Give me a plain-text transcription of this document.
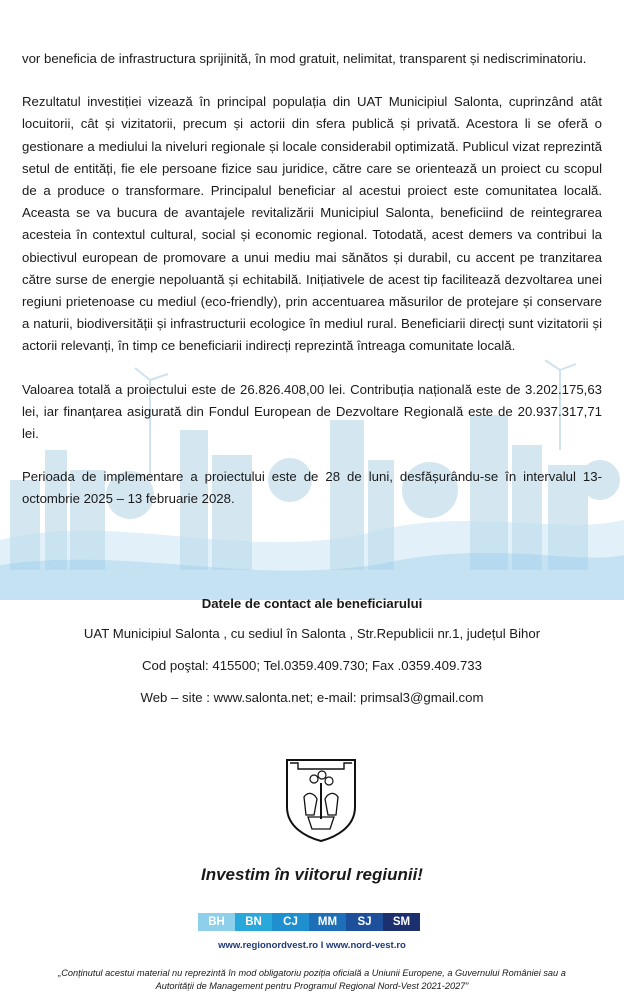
vor beneficia de infrastructura sprijinită, în mod gratuit, nelimitat, transparent și nediscriminatoriu.

Rezultatul investiției vizează în principal populația din UAT Municipiul Salonta, cuprinzând atât locuitorii, cât și vizitatorii, precum și actorii din sfera publică și privată. Acestora li se oferă o gestionare a mediului la niveluri regionale și locale considerabil optimizată. Publicul vizat reprezintă setul de entități, fie ele persoane fizice sau juridice, către care se orientează un proiect cu scopul de a produce o transformare. Principalul beneficiar al acestui proiect este comunitatea locală. Aceasta se va bucura de avantajele revitalizării Municipiul Salonta, beneficiind de reintegrarea acesteia în contextul cultural, social și economic regional. Totodată, acest demers va contribui la obiectivul european de promovare a unui mediu mai sănătos și durabil, cu accent pe tranzitarea către surse de energie nepoluantă și echitabilă. Inițiativele de acest tip facilitează dezvoltarea unei regiuni prietenoase cu mediul (eco-friendly), prin accentuarea măsurilor de protejare și conservare a naturii, biodiversității și infrastructurii ecologice în mediul rural. Beneficiarii direcți sunt vizitatorii și actorii relevanți, în timp ce beneficiarii indirecți reprezintă întreaga comunitate locală.

Valoarea totală a proiectului este de 26.826.408,00 lei. Contribuția națională este de 3.202.175,63 lei, iar finanțarea asigurată din Fondul European de Dezvoltare Regională este de 20.937.317,71 lei.

Perioada de implementare a proiectului este de 28 de luni, desfășurându-se în intervalul 13-octombrie 2025 – 13 februarie 2028.

Datele de contact ale beneficiarului
UAT Municipiul Salonta , cu sediul în Salonta , Str.Republicii nr.1, județul Bihor
Cod poştal: 415500; Tel.0359.409.730; Fax .0359.409.733
Web – site : www.salonta.net; e-mail: primsal3@gmail.com
Investim în viitorul regiunii!
BH	BN	CJ	MM	SJ	SM
www.regionordvest.ro I www.nord-vest.ro
„Conținutul acestui material nu reprezintă în mod obligatoriu poziția oficială a Uniunii Europene, a Guvernului României sau a Autorității de Management pentru Programul Regional Nord-Vest 2021-2027”
